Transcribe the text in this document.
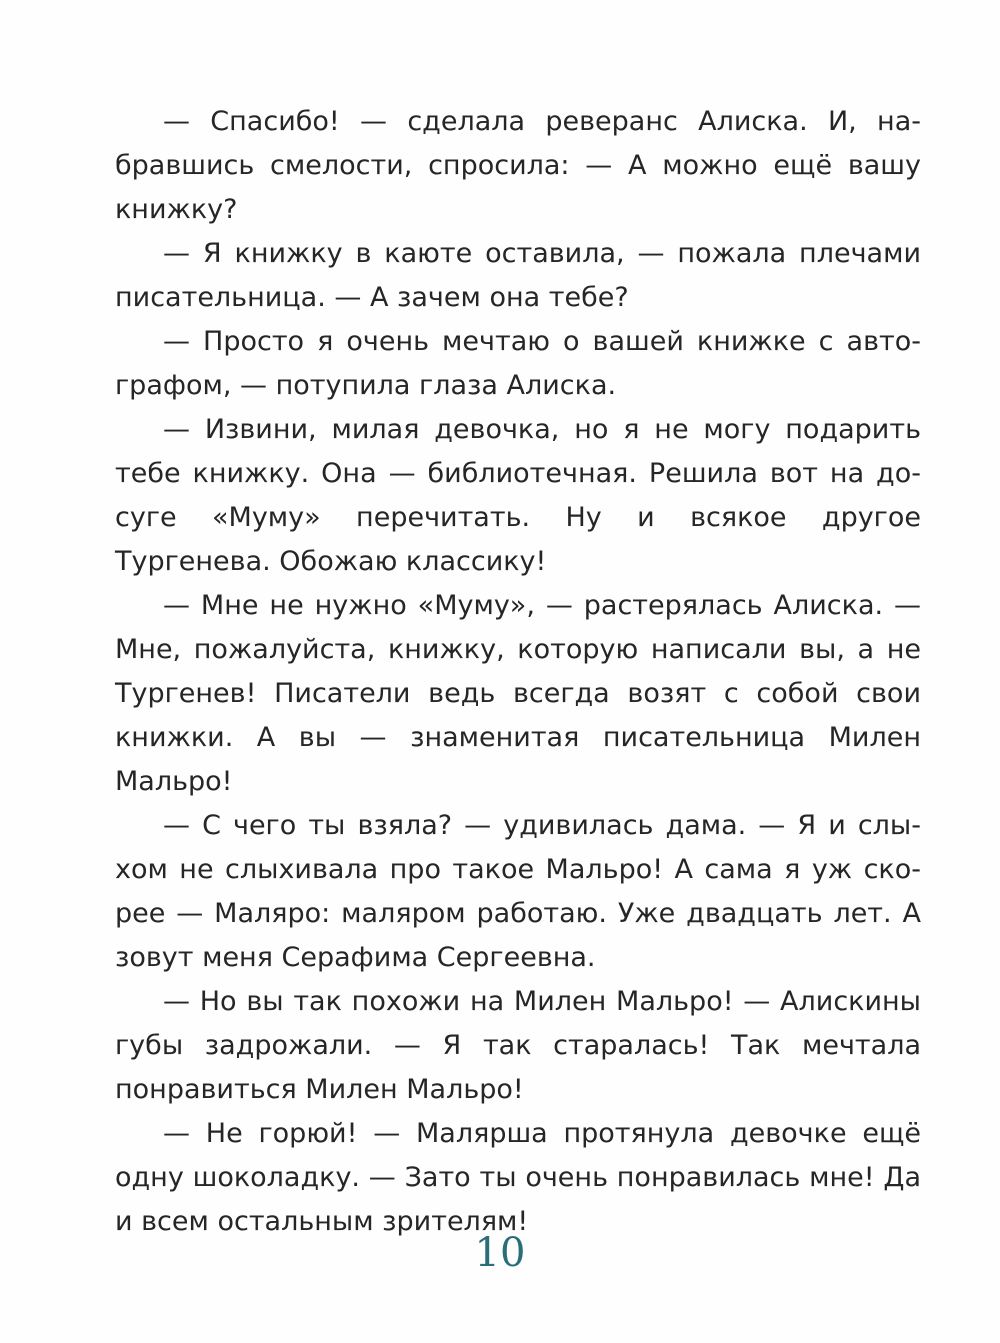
— Спасибо! — сделала реверанс Алиска. И, набравшись смелости, спросила: — А можно ещё вашу книжку?

— Я книжку в каюте оставила, — пожала плечами писательница. — А зачем она тебе?

— Просто я очень мечтаю о вашей книжке с автографом, — потупила глаза Алиска.

— Извини, милая девочка, но я не могу подарить тебе книжку. Она — библиотечная. Решила вот на досуге «Муму» перечитать. Ну и всякое другое Тургенева. Обожаю классику!

— Мне не нужно «Муму», — растерялась Алиска. — Мне, пожалуйста, книжку, которую написали вы, а не Тургенев! Писатели ведь всегда возят с собой свои книжки. А вы — знаменитая писательница Милен Мальро!

— С чего ты взяла? — удивилась дама. — Я и слыхом не слыхивала про такое Мальро! А сама я уж скорее — Маляро: маляром работаю. Уже двадцать лет. А зовут меня Серафима Сергеевна.

— Но вы так похожи на Милен Мальро! — Алискины губы задрожали. — Я так старалась! Так мечтала понравиться Милен Мальро!

— Не горюй! — Малярша протянула девочке ещё одну шоколадку. — Зато ты очень понравилась мне! Да и всем остальным зрителям!

10
